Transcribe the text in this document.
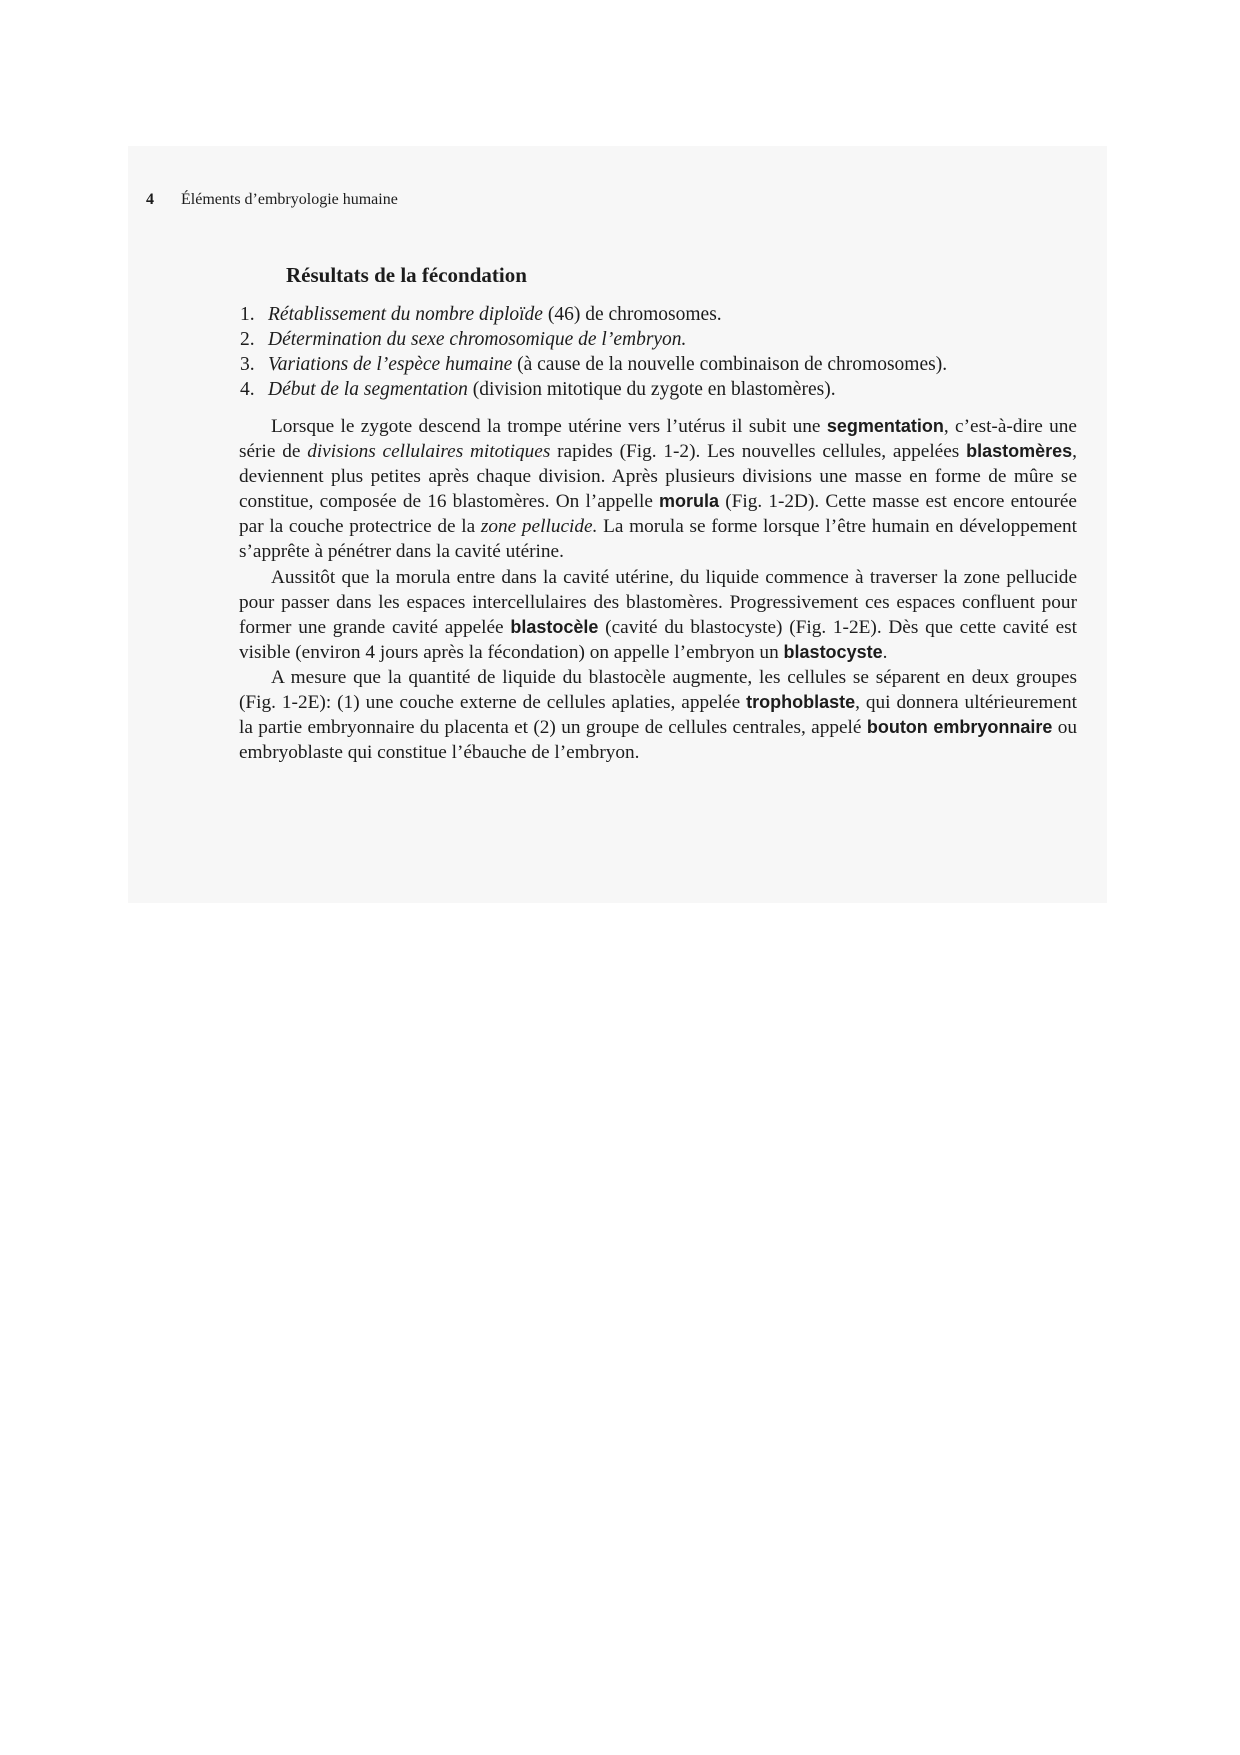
4 Éléments d’embryologie humaine
Résultats de la fécondation
1. Rétablissement du nombre diploïde (46) de chromosomes.
2. Détermination du sexe chromosomique de l’embryon.
3. Variations de l’espèce humaine (à cause de la nouvelle combinaison de chromosomes).
4. Début de la segmentation (division mitotique du zygote en blastomères).

Lorsque le zygote descend la trompe utérine vers l’utérus il subit une segmentation, c’est-à-dire une série de divisions cellulaires mitotiques rapides (Fig. 1-2). Les nouvelles cellules, appelées blastomères, deviennent plus petites après chaque division. Après plusieurs divisions une masse en forme de mûre se constitue, composée de 16 blastomères. On l’appelle morula (Fig. 1-2D). Cette masse est encore entourée par la couche protectrice de la zone pellucide. La morula se forme lorsque l’être humain en développement s’apprête à pénétrer dans la cavité utérine.

Aussitôt que la morula entre dans la cavité utérine, du liquide commence à traverser la zone pellucide pour passer dans les espaces intercellulaires des blastomères. Progressivement ces espaces confluent pour former une grande cavité appelée blastocèle (cavité du blastocyste) (Fig. 1-2E). Dès que cette cavité est visible (environ 4 jours après la fécondation) on appelle l’embryon un blastocyste.

A mesure que la quantité de liquide du blastocèle augmente, les cellules se séparent en deux groupes (Fig. 1-2E): (1) une couche externe de cellules aplaties, appelée trophoblaste, qui donnera ultérieurement la partie embryonnaire du placenta et (2) un groupe de cellules centrales, appelé bouton embryonnaire ou embryoblaste qui constitue l’ébauche de l’embryon.
